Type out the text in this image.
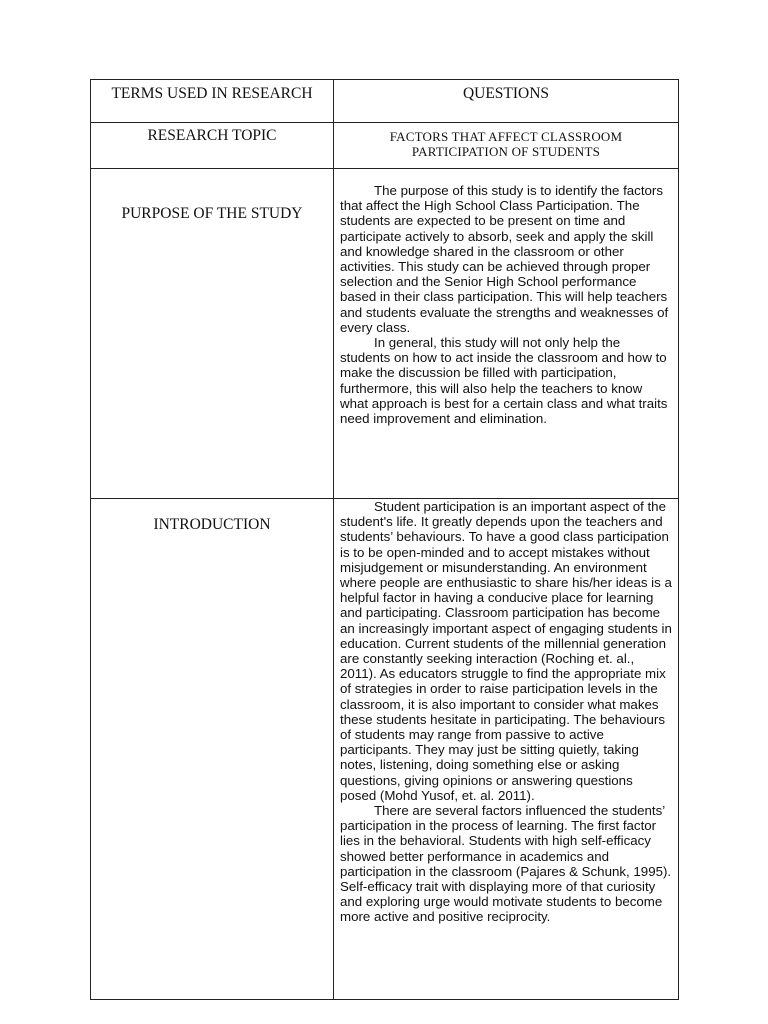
TERMS USED IN RESEARCH	QUESTIONS
RESEARCH TOPIC	FACTORS THAT AFFECT CLASSROOM PARTICIPATION OF STUDENTS

PURPOSE OF THE STUDY	The purpose of this study is to identify the factors that affect the High School Class Participation. The students are expected to be present on time and participate actively to absorb, seek and apply the skill and knowledge shared in the classroom or other activities. This study can be achieved through proper selection and the Senior High School performance based in their class participation. This will help teachers and students evaluate the strengths and weaknesses of every class.

In general, this study will not only help the students on how to act inside the classroom and how to make the discussion be filled with participation, furthermore, this will also help the teachers to know what approach is best for a certain class and what traits need improvement and elimination.

INTRODUCTION	Student participation is an important aspect of the student's life. It greatly depends upon the teachers and students’ behaviours. To have a good class participation is to be open-minded and to accept mistakes without misjudgement or misunderstanding. An environment where people are enthusiastic to share his/her ideas is a helpful factor in having a conducive place for learning and participating. Classroom participation has become an increasingly important aspect of engaging students in education. Current students of the millennial generation are constantly seeking interaction (Roching et. al., 2011). As educators struggle to find the appropriate mix of strategies in order to raise participation levels in the classroom, it is also important to consider what makes these students hesitate in participating. The behaviours of students may range from passive to active participants. They may just be sitting quietly, taking notes, listening, doing something else or asking questions, giving opinions or answering questions posed (Mohd Yusof, et. al. 2011).

There are several factors influenced the students’ participation in the process of learning. The first factor lies in the behavioral. Students with high self-efficacy showed better performance in academics and participation in the classroom (Pajares & Schunk, 1995). Self-efficacy trait with displaying more of that curiosity and exploring urge would motivate students to become more active and positive reciprocity.
